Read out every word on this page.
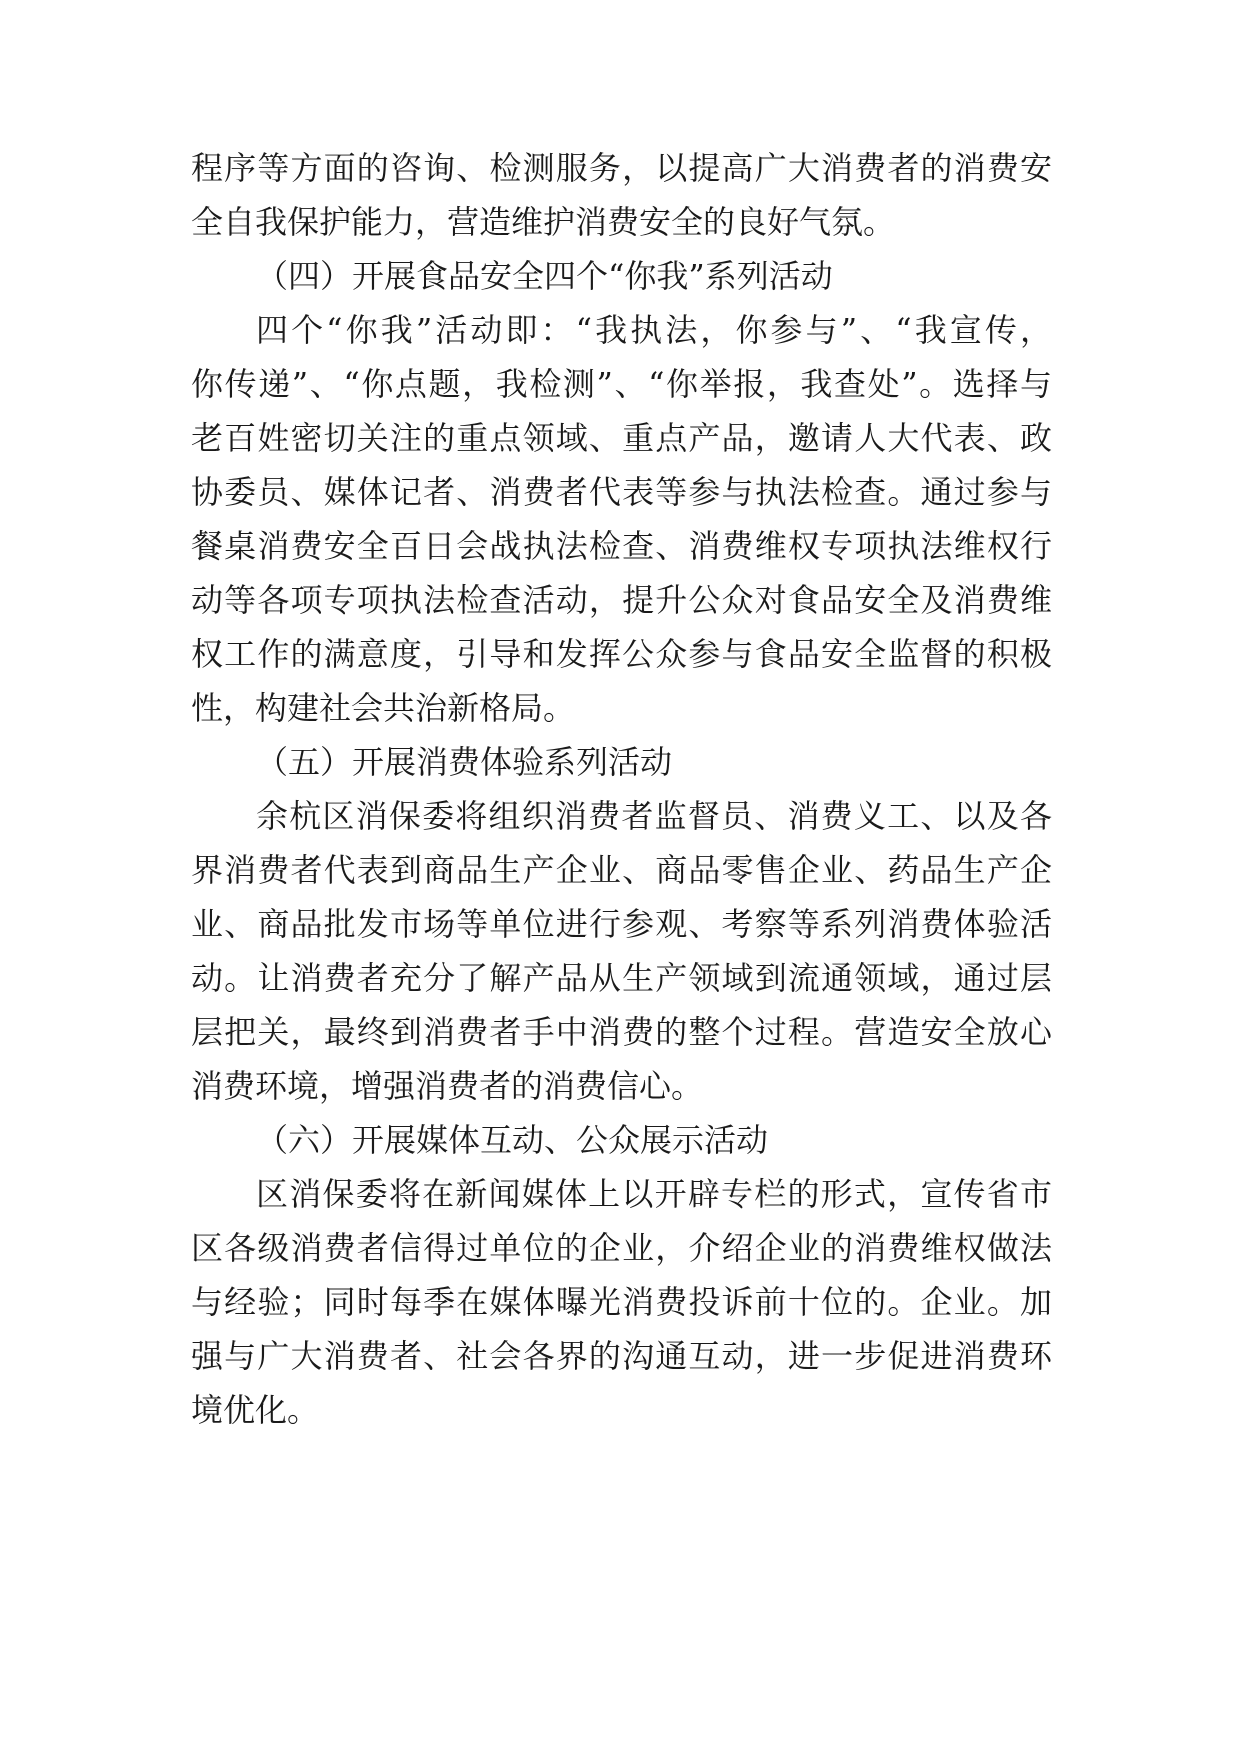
程序等方面的咨询、检测服务，以提高广大消费者的消费安
全自我保护能力，营造维护消费安全的良好气氛。
（四）开展食品安全四个“你我”系列活动
四个“你我”活动即：“我执法，你参与”、“我宣传，
你传递”、“你点题，我检测”、“你举报，我查处”。选择与
老百姓密切关注的重点领域、重点产品，邀请人大代表、政
协委员、媒体记者、消费者代表等参与执法检查。通过参与
餐桌消费安全百日会战执法检查、消费维权专项执法维权行
动等各项专项执法检查活动，提升公众对食品安全及消费维
权工作的满意度，引导和发挥公众参与食品安全监督的积极
性，构建社会共治新格局。
（五）开展消费体验系列活动
余杭区消保委将组织消费者监督员、消费义工、以及各
界消费者代表到商品生产企业、商品零售企业、药品生产企
业、商品批发市场等单位进行参观、考察等系列消费体验活
动。让消费者充分了解产品从生产领域到流通领域，通过层
层把关，最终到消费者手中消费的整个过程。营造安全放心
消费环境，增强消费者的消费信心。
（六）开展媒体互动、公众展示活动
区消保委将在新闻媒体上以开辟专栏的形式，宣传省市
区各级消费者信得过单位的企业，介绍企业的消费维权做法
与经验；同时每季在媒体曝光消费投诉前十位的。企业。加
强与广大消费者、社会各界的沟通互动，进一步促进消费环
境优化。
